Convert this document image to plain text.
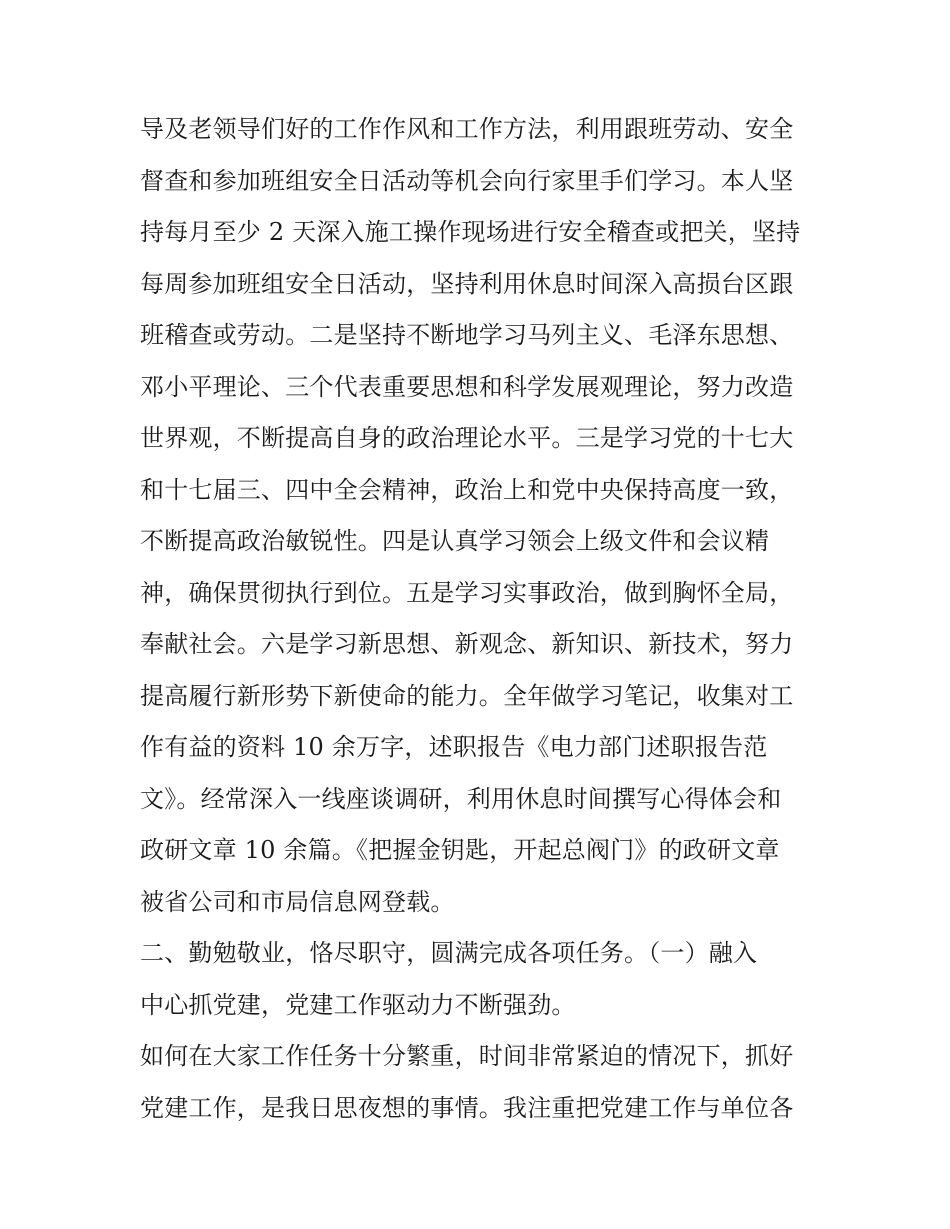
导及老领导们好的工作作风和工作方法，利用跟班劳动、安全
督查和参加班组安全日活动等机会向行家里手们学习。本人坚
持每月至少 2 天深入施工操作现场进行安全稽查或把关，坚持
每周参加班组安全日活动，坚持利用休息时间深入高损台区跟
班稽查或劳动。二是坚持不断地学习马列主义、毛泽东思想、
邓小平理论、三个代表重要思想和科学发展观理论，努力改造
世界观，不断提高自身的政治理论水平。三是学习党的十七大
和十七届三、四中全会精神，政治上和党中央保持高度一致，
不断提高政治敏锐性。四是认真学习领会上级文件和会议精
神，确保贯彻执行到位。五是学习实事政治，做到胸怀全局，
奉献社会。六是学习新思想、新观念、新知识、新技术，努力
提高履行新形势下新使命的能力。全年做学习笔记，收集对工
作有益的资料 10 余万字，述职报告《电力部门述职报告范
文》。经常深入一线座谈调研，利用休息时间撰写心得体会和
政研文章 10 余篇。《把握金钥匙，开起总阀门》的政研文章
被省公司和市局信息网登载。
二、勤勉敬业，恪尽职守，圆满完成各项任务。（一）融入
中心抓党建，党建工作驱动力不断强劲。
如何在大家工作任务十分繁重，时间非常紧迫的情况下，抓好
党建工作，是我日思夜想的事情。我注重把党建工作与单位各
